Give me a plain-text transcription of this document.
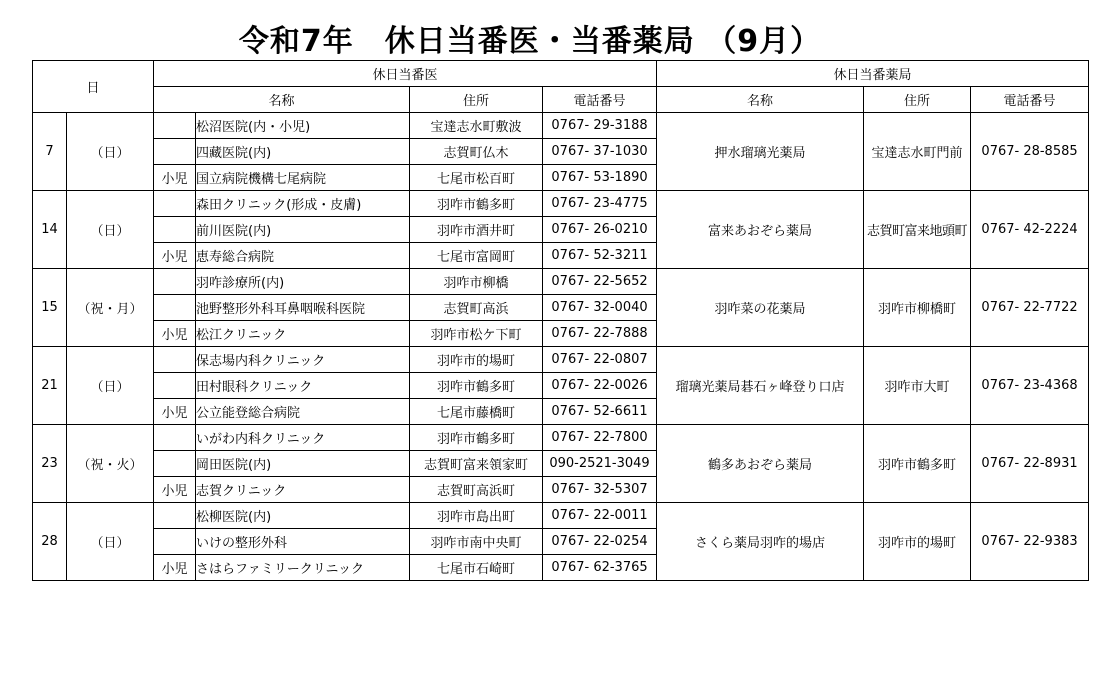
令和7年　休日当番医・当番薬局 （9月）
日		休日当番医				休日当番薬局		
		名称		住所	電話番号	名称	住所	電話番号
7	（日）		松沼医院(内・小児)	宝達志水町敷波	0767- 29-3188	押水瑠璃光薬局	宝達志水町門前	0767- 28-8585
			四藏医院(内)	志賀町仏木	0767- 37-1030			
		小児	国立病院機構七尾病院	七尾市松百町	0767- 53-1890			
14	（日）		森田クリニック(形成・皮膚)	羽咋市鶴多町	0767- 23-4775	富来あおぞら薬局	志賀町富来地頭町	0767- 42-2224
			前川医院(内)	羽咋市酒井町	0767- 26-0210			
		小児	恵寿総合病院	七尾市富岡町	0767- 52-3211			
15	（祝・月）		羽咋診療所(内)	羽咋市柳橋	0767- 22-5652	羽咋菜の花薬局	羽咋市柳橋町	0767- 22-7722
			池野整形外科耳鼻咽喉科医院	志賀町高浜	0767- 32-0040			
		小児	松江クリニック	羽咋市松ケ下町	0767- 22-7888			
21	（日）		保志場内科クリニック	羽咋市的場町	0767- 22-0807	瑠璃光薬局碁石ヶ峰登り口店	羽咋市大町	0767- 23-4368
			田村眼科クリニック	羽咋市鶴多町	0767- 22-0026			
		小児	公立能登総合病院	七尾市藤橋町	0767- 52-6611			
23	（祝・火）		いがわ内科クリニック	羽咋市鶴多町	0767- 22-7800	鶴多あおぞら薬局	羽咋市鶴多町	0767- 22-8931
			岡田医院(内)	志賀町富来領家町	090-2521-3049			
		小児	志賀クリニック	志賀町高浜町	0767- 32-5307			
28	（日）		松柳医院(内)	羽咋市島出町	0767- 22-0011	さくら薬局羽咋的場店	羽咋市的場町	0767- 22-9383
			いけの整形外科	羽咋市南中央町	0767- 22-0254			
		小児	さはらファミリークリニック	七尾市石崎町	0767- 62-3765			
